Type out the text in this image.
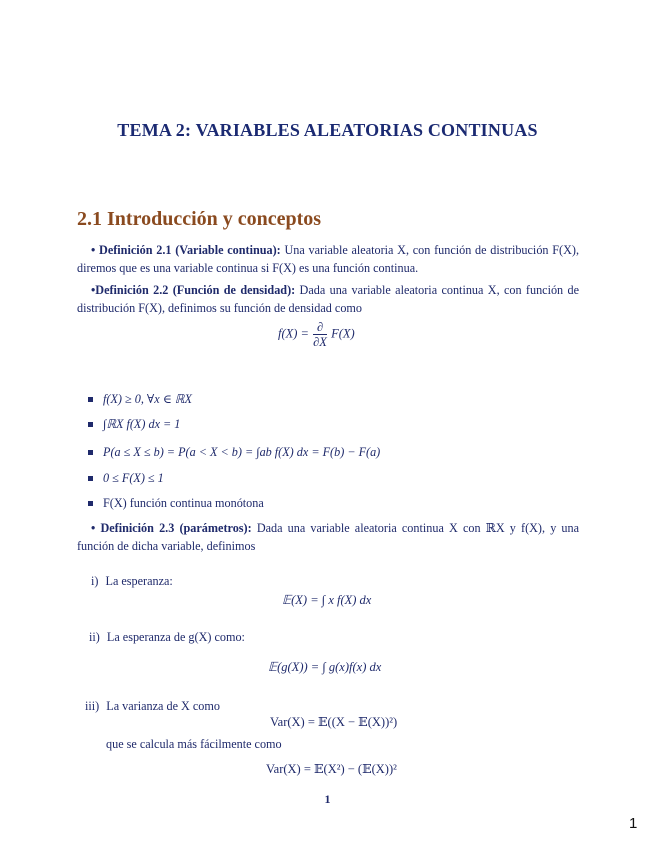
TEMA 2: VARIABLES ALEATORIAS CONTINUAS
2.1 Introducción y conceptos
• Definición 2.1 (Variable continua): Una variable aleatoria X, con función de distribución F(X), diremos que es una variable continua si F(X) es una función continua.
•Definición 2.2 (Función de densidad): Dada una variable aleatoria continua X, con función de distribución F(X), definimos su función de densidad como
$f(X) = \frac{\partial}{\partial X} F(X)$
f(X) ≥ 0, ∀x ∈ ℝX
∫ℝX f(X) dx = 1
P(a ≤ X ≤ b) = P(a < X < b) = ∫ab f(X) dx = F(b) − F(a)
0 ≤ F(X) ≤ 1
F(X) función continua monótona
• Definición 2.3 (parámetros): Dada una variable aleatoria continua X con ℝX y f(X), y una función de dicha variable, definimos
i) La esperanza:
𝔼(X) = ∫ x f(X) dx
ii) La esperanza de g(X) como:
𝔼(g(X)) = ∫ g(x)f(x) dx
iii) La varianza de X como
Var(X) = 𝔼((X − 𝔼(X))²)
que se calcula más fácilmente como
Var(X) = 𝔼(X²) − (𝔼(X))²
1
1
